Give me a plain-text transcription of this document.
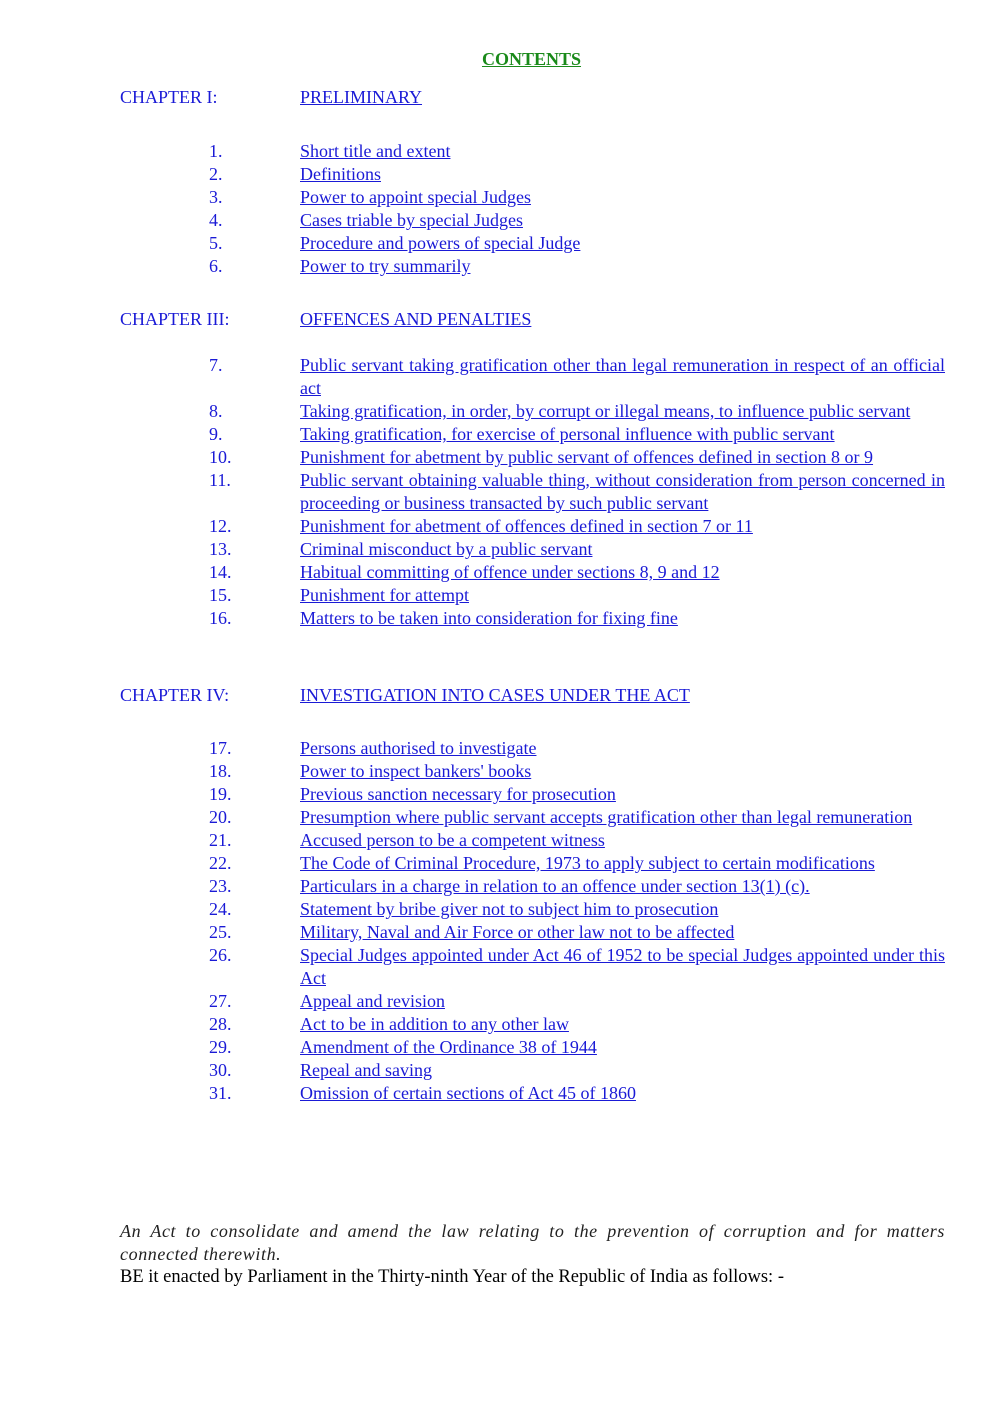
CONTENTS
CHAPTER I:	PRELIMINARY
1.	Short title and extent
2.	Definitions
3.	Power to appoint special Judges
4.	Cases triable by special Judges
5.	Procedure and powers of special Judge
6.	Power to try summarily
CHAPTER III:	OFFENCES AND PENALTIES
7.	Public servant taking gratification other than legal remuneration in respect of an official act
8.	Taking gratification, in order, by corrupt or illegal means, to influence public servant
9.	Taking gratification, for exercise of personal influence with public servant
10.	Punishment for abetment by public servant of offences defined in section 8 or 9
11.	Public servant obtaining valuable thing, without consideration from person concerned in proceeding or business transacted by such public servant
12.	Punishment for abetment of offences defined in section 7 or 11
13.	Criminal misconduct by a public servant
14.	Habitual committing of offence under sections 8, 9 and 12
15.	Punishment for attempt
16.	Matters to be taken into consideration for fixing fine
CHAPTER IV:	INVESTIGATION INTO CASES UNDER THE ACT
17.	Persons authorised to investigate
18.	Power to inspect bankers' books
19.	Previous sanction necessary for prosecution
20.	Presumption where public servant accepts gratification other than legal remuneration
21.	Accused person to be a competent witness
22.	The Code of Criminal Procedure, 1973 to apply subject to certain modifications
23.	Particulars in a charge in relation to an offence under section 13(1) (c).
24.	Statement by bribe giver not to subject him to prosecution
25.	Military, Naval and Air Force or other law not to be affected
26.	Special Judges appointed under Act 46 of 1952 to be special Judges appointed under this Act
27.	Appeal and revision
28.	Act to be in addition to any other law
29.	Amendment of the Ordinance 38 of 1944
30.	Repeal and saving
31.	Omission of certain sections of Act 45 of 1860
An Act to consolidate and amend the law relating to the prevention of corruption and for matters connected therewith.
BE it enacted by Parliament in the Thirty-ninth Year of the Republic of India as follows: -
